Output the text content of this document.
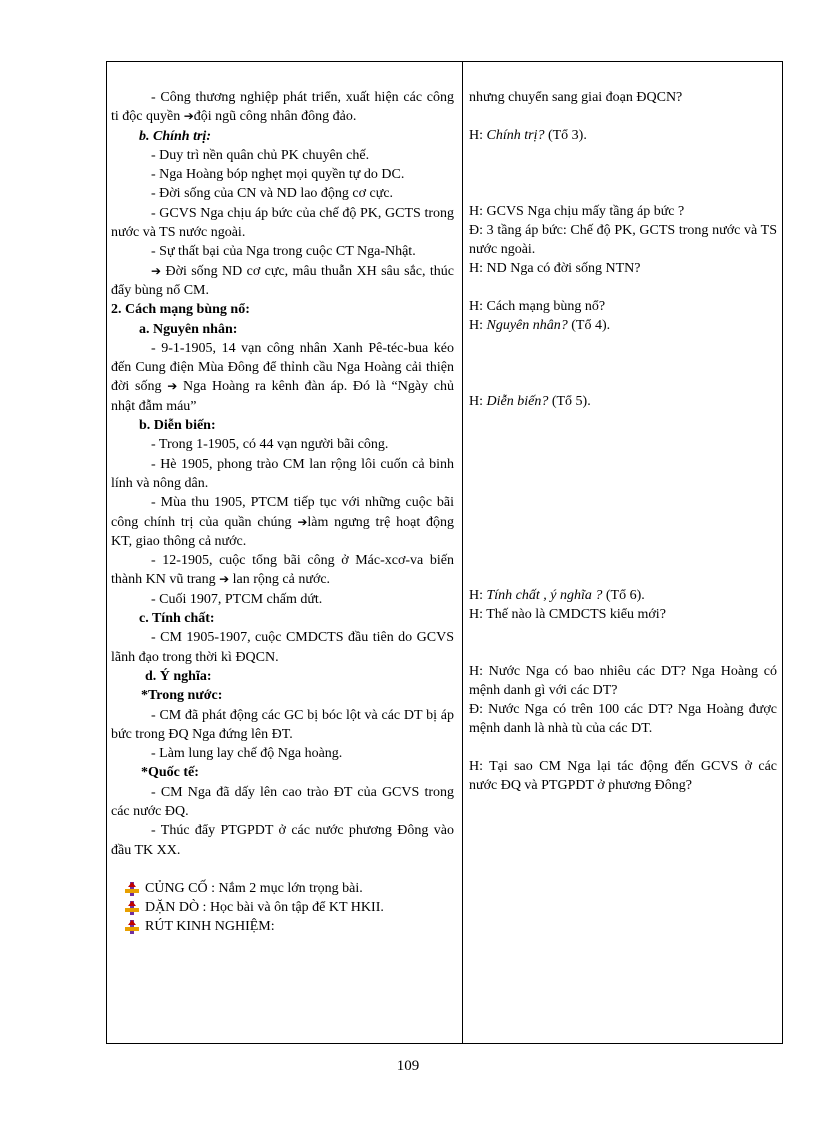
- Công thương nghiệp phát triển, xuất hiện các công ti độc quyền ➔đội ngũ công nhân đông đảo.

b. Chính trị:

- Duy trì nền quân chủ PK chuyên chế.

- Nga Hoàng bóp nghẹt mọi quyền tự do DC.

- Đời sống của CN và ND lao động cơ cực.

- GCVS Nga chịu áp bức của chế độ PK, GCTS trong nước và TS nước ngoài.

- Sự thất bại của Nga trong cuộc CT Nga-Nhật.

➔ Đời sống ND cơ cực, mâu thuẫn XH sâu sắc, thúc đẩy bùng nổ CM.

2. Cách mạng bùng nổ:

a. Nguyên nhân:

- 9-1-1905, 14 vạn công nhân Xanh Pê-téc-bua kéo đến Cung điện Mùa Đông để thỉnh cầu Nga Hoàng cải thiện đời sống ➔ Nga Hoàng ra kênh đàn áp. Đó là “Ngày chủ nhật đẫm máu”

b. Diễn biến:

- Trong 1-1905, có 44 vạn người bãi công.

- Hè 1905, phong trào CM lan rộng lôi cuốn cả binh lính và nông dân.

- Mùa thu 1905, PTCM tiếp tục với những cuộc bãi công chính trị của quần chúng ➔làm ngưng trệ hoạt động KT, giao thông cả nước.

- 12-1905, cuộc tổng bãi công ở Mác-xcơ-va biến thành KN vũ trang ➔ lan rộng cả nước.

- Cuối 1907, PTCM chấm dứt.

c. Tính chất:

- CM 1905-1907, cuộc CMDCTS đầu tiên do GCVS lãnh đạo trong thời kì ĐQCN.

d. Ý nghĩa:

*Trong nước:

- CM đã phát động các GC bị bóc lột và các DT bị áp bức trong ĐQ Nga đứng lên ĐT.

- Làm lung lay chế độ Nga hoàng.

*Quốc tế:

- CM Nga đã dấy lên cao trào ĐT của GCVS trong các nước ĐQ.

- Thúc đẩy PTGPDT ở các nước phương Đông vào đầu TK XX.

CỦNG CỐ : Nắm 2 mục lớn trọng bài.

DẶN DÒ : Học bài và ôn tập để KT HKII.

RÚT KINH NGHIỆM:

nhưng chuyển sang giai đoạn ĐQCN?

H: Chính trị? (Tổ 3).

H: GCVS Nga chịu mấy tầng áp bức ?

Đ: 3 tầng áp bức: Chế độ PK, GCTS trong nước và TS nước ngoài.

H: ND Nga có đời sống NTN?

H: Cách mạng bùng nổ?

H: Nguyên nhân? (Tổ 4).

H: Diễn biến? (Tổ 5).

H: Tính chất , ý nghĩa ? (Tổ 6).

H: Thế nào là CMDCTS kiểu mới?

H: Nước Nga có bao nhiêu các DT? Nga Hoàng có mệnh danh gì với các DT?

Đ: Nước Nga có trên 100 các DT? Nga Hoàng được mệnh danh là nhà tù của các DT.

H: Tại sao CM Nga lại tác động đến GCVS ở các nước ĐQ và PTGPDT ở phương Đông?

109
